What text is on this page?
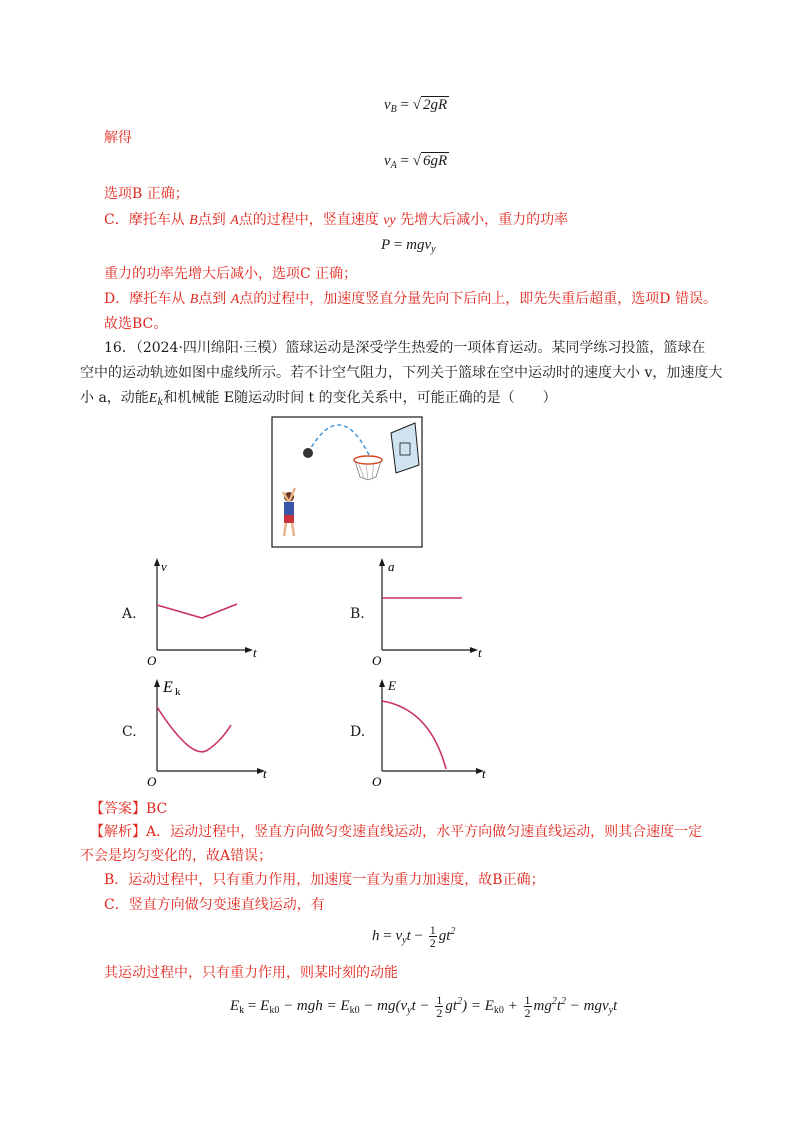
$v_B$ = √ 2gR
解得
$v_A$ = √ 6gR
选项B 正确；
C．摩托车从 B点到 A点的过程中，竖直速度 vy 先增大后减小，重力的功率
P = mgv$_y$
重力的功率先增大后减小，选项C 正确；
D．摩托车从 B点到 A点的过程中，加速度竖直分量先向下后向上，即先失重后超重，选项D 错误。
故选BC。
16．（2024·四川绵阳·三模）篮球运动是深受学生热爱的一项体育运动。某同学练习投篮，篮球在
空中的运动轨迹如图中虚线所示。若不计空气阻力，下列关于篮球在空中运动时的速度大小 v，加速度大
小 a，动能$E_k$和机械能 E随运动时间 t 的变化关系中，可能正确的是（　　）
A.
v
t
O
B.
a
t
O
C.
E k
t
O
D.
E
t
O
【答案】BC
【解析】A．运动过程中，竖直方向做匀变速直线运动，水平方向做匀速直线运动，则其合速度一定
不会是均匀变化的，故A错误；
B．运动过程中，只有重力作用，加速度一直为重力加速度，故B正确；
C．竖直方向做匀变速直线运动，有
$h = v_yt - \frac{1}{2} gt^2$
其运动过程中，只有重力作用，则某时刻的动能
$E_k = E_{k0}$ − mgh = $E_{k0} - mg(v_yt - \frac{1}{2} gt^2) = E_{k0} + \frac{1}{2} mg^2t^2 - mgv_yt$
